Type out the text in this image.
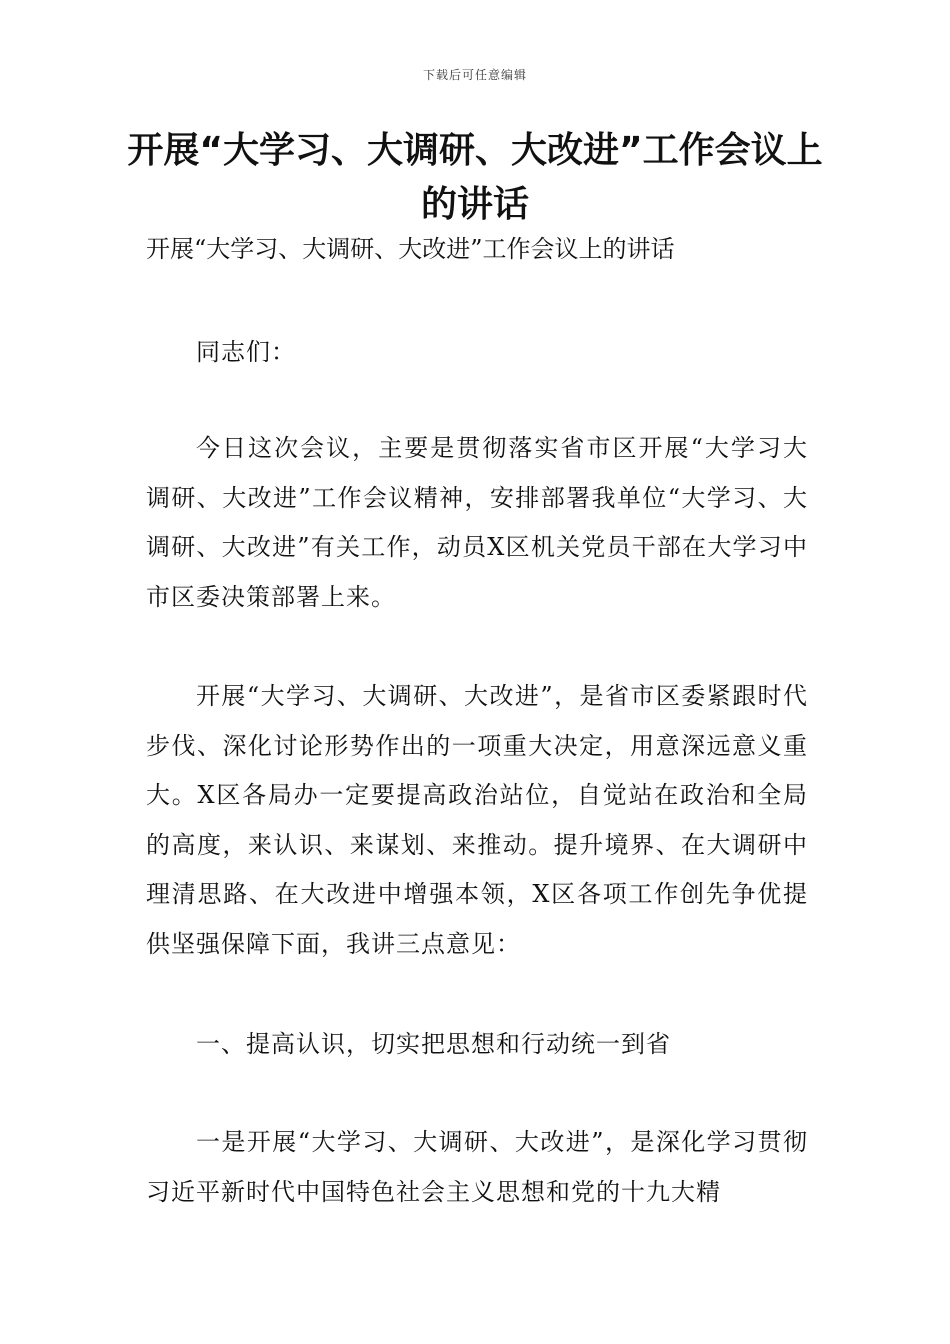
下载后可任意编辑
开展“大学习、大调研、大改进”工作会议上的讲话

开展“大学习、大调研、大改进”工作会议上的讲话

同志们：

今日这次会议，主要是贯彻落实省市区开展“大学习大调研、大改进”工作会议精神，安排部署我单位“大学习、大调研、大改进”有关工作，动员X区机关党员干部在大学习中市区委决策部署上来。

开展“大学习、大调研、大改进”，是省市区委紧跟时代步伐、深化讨论形势作出的一项重大决定，用意深远意义重大。X区各局办一定要提高政治站位，自觉站在政治和全局的高度，来认识、来谋划、来推动。提升境界、在大调研中理清思路、在大改进中增强本领，X区各项工作创先争优提供坚强保障下面，我讲三点意见：

一、提高认识，切实把思想和行动统一到省

一是开展“大学习、大调研、大改进”，是深化学习贯彻习近平新时代中国特色社会主义思想和党的十九大精
